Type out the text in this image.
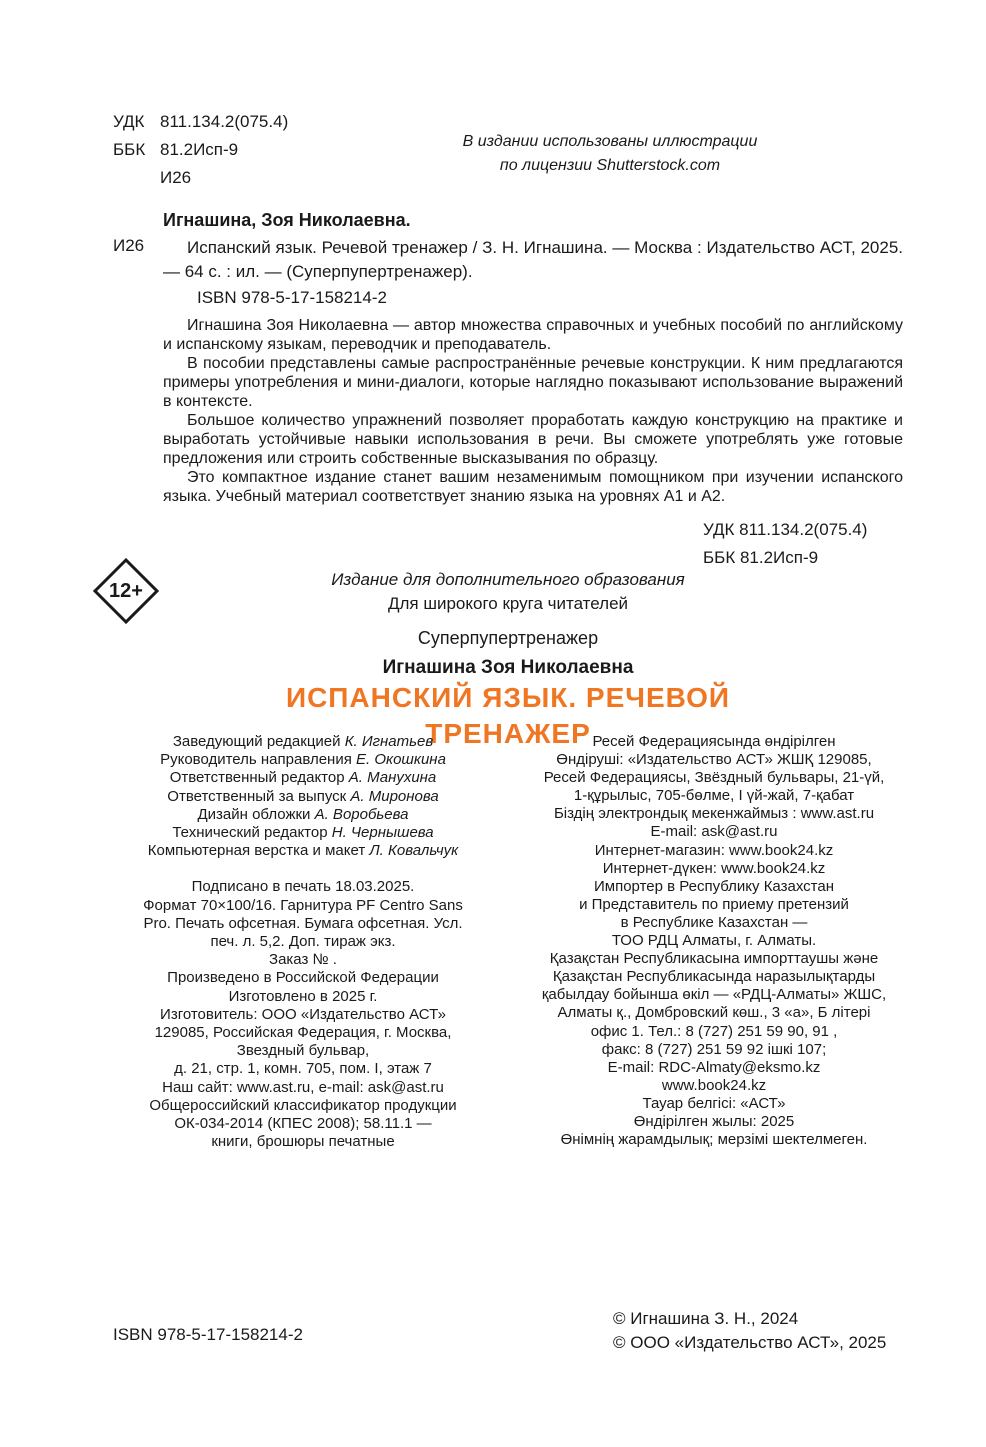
УДК 811.134.2(075.4)
ББК 81.2Исп-9
И26
В издании использованы иллюстрации
по лицензии Shutterstock.com
Игнашина, Зоя Николаевна.
И26	Испанский язык. Речевой тренажер / З. Н. Игнашина. — Москва : Издательство АСТ, 2025. — 64 с. : ил. — (Суперпупертренажер).
ISBN 978-5-17-158214-2

Игнашина Зоя Николаевна — автор множества справочных и учебных пособий по английскому и испанскому языкам, переводчик и преподаватель.

В пособии представлены самые распространённые речевые конструкции. К ним предлагаются примеры употребления и мини-диалоги, которые наглядно показывают использование выражений в контексте.

Большое количество упражнений позволяет проработать каждую конструкцию на практике и выработать устойчивые навыки использования в речи. Вы сможете употреблять уже готовые предложения или строить собственные высказывания по образцу.

Это компактное издание станет вашим незаменимым помощником при изучении испанского языка. Учебный материал соответствует знанию языка на уровнях А1 и А2.

УДК 811.134.2(075.4)
ББК 81.2Исп-9
12+
Издание для дополнительного образования
Для широкого круга читателей
Суперпупертренажер
Игнашина Зоя Николаевна
ИСПАНСКИЙ ЯЗЫК. РЕЧЕВОЙ ТРЕНАЖЕР
Заведующий редакцией К. Игнатьев
Руководитель направления Е. Окошкина
Ответственный редактор А. Манухина
Ответственный за выпуск А. Миронова
Дизайн обложки А. Воробьева
Технический редактор Н. Чернышева
Компьютерная верстка и макет Л. Ковальчук
Подписано в печать 18.03.2025.
Формат 70×100/16. Гарнитура PF Centro Sans
Pro. Печать офсетная. Бумага офсетная. Усл.
печ. л. 5,2. Доп. тираж экз.
Заказ № .
Произведено в Российской Федерации
Изготовлено в 2025 г.
Изготовитель: ООО «Издательство АСТ»
129085, Российская Федерация, г. Москва,
Звездный бульвар,
д. 21, стр. 1, комн. 705, пом. I, этаж 7
Наш сайт: www.ast.ru, e-mail: ask@ast.ru
Общероссийский классификатор продукции
ОК-034-2014 (КПЕС 2008); 58.11.1 —
книги, брошюры печатные
Ресей Федерациясында өндірілген
Өндіруші: «Издательство АСТ» ЖШҚ 129085,
Ресей Федерациясы, Звёздный бульвары, 21-үй,
1-құрылыс, 705-бөлме, I үй-жай, 7-қабат
Біздің электрондық мекенжаймыз : www.ast.ru
E-mail: ask@ast.ru
Интернет-магазин: www.book24.kz
Интернет-дүкен: www.book24.kz
Импортер в Республику Казахстан
и Представитель по приему претензий
в Республике Казахстан —
ТОО РДЦ Алматы, г. Алматы.
Қазақстан Республикасына импорттаушы және
Қазақстан Республикасында наразылықтарды
қабылдау бойынша өкіл — «РДЦ-Алматы» ЖШС,
Алматы қ., Домбровский көш., 3 «а», Б літері
офис 1. Тел.: 8 (727) 251 59 90, 91 ,
факс: 8 (727) 251 59 92 ішкі 107;
E-mail: RDC-Almaty@eksmo.kz
www.book24.kz
Тауар белгісі: «АСТ»
Өндірілген жылы: 2025
Өнімнің жарамдылық; мерзімі шектелмеген.
ISBN 978-5-17-158214-2
© Игнашина З. Н., 2024
© ООО «Издательство АСТ», 2025
